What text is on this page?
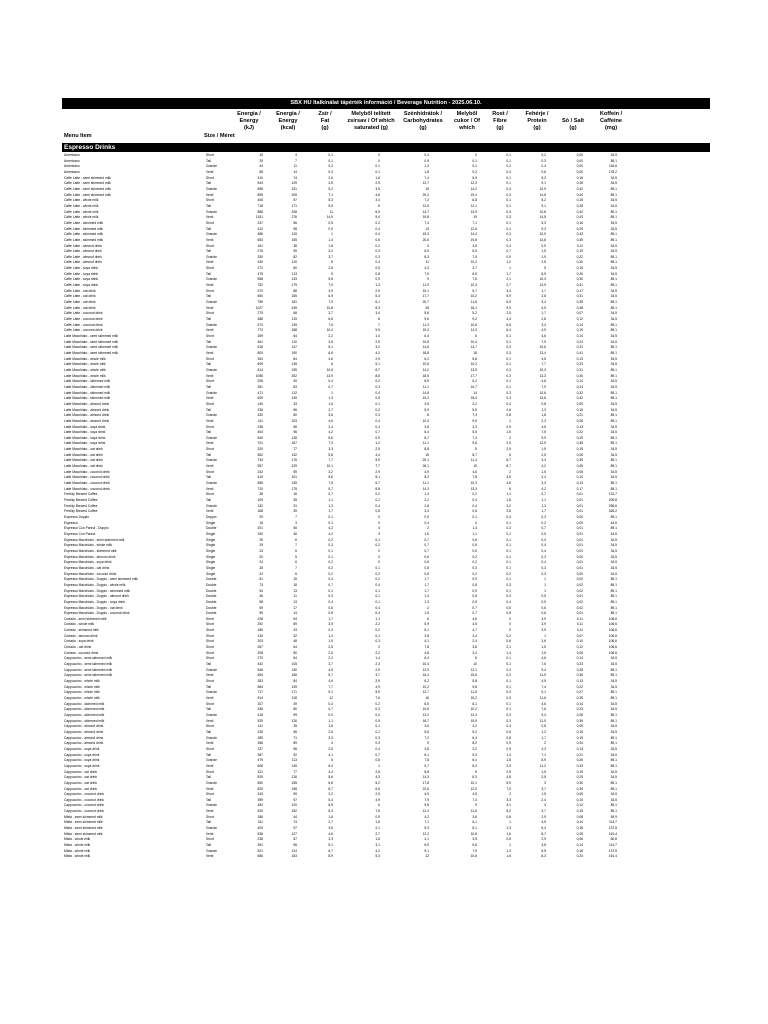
SBX HU Italkínálat tápérték információ / Beverage Nutrition - 2025.06.10.
Energia /
Energy
(kJ)
Energia /
Energy
(kcal)
Zsír /
Fat
(g)
Melyből telített
zsírsav / Of which
saturated (g)
Szénhidrátok /
Carbohydrates
(g)
Melyből
cukor / Of
which
Rost /
Fibre
(g)
Fehérje /
Protein
(g)
Só / Salt
(g)
Koffein /
Caffeine
(mg)
Menu Item	Size / Méret
Espresso Drinks
Americano	Short	15	4	0,1	0	0,4	0	0,1	0,2	0,00	34,5
Americano	Tall	29	7	0,1	0	0,9	0,1	0,1	0,3	0,00	89,1
Americano	Grande	44	11	0,2	0,1	1,3	0,1	0,2	0,4	0,00	116,6
Americano	Venti	58	14	0,3	0,1	1,8	0,2	0,3	0,6	0,00	178,2
Caffe Latte - semi skimmed milk	Short	310	74	2,6	1,6	7,4	6,9	0,1	5,3	0,16	34,5
Caffe Latte - semi skimmed milk	Tall	543	129	4,5	2,9	12,7	12,3	0,1	9,1	0,28	34,5
Caffe Latte - semi skimmed milk	Grande	698	151	5,2	3,5	15	14,2	0,3	10,9	0,42	89,1
Caffe Latte - semi skimmed milk	Venti	859	205	7,1	4,6	20,2	19,4	0,3	14,8	0,44	89,1
Caffe Latte - whole milk	Short	408	97	5,3	3,4	7,2	6,8	0,1	5,2	0,15	34,5
Caffe Latte - whole milk	Tall	718	171	9,5	6	12,5	12,1	0,1	9,1	0,28	34,5
Caffe Latte - whole milk	Grande	888	208	11	6,9	14,7	13,9	0,3	10,6	0,42	89,1
Caffe Latte - whole milk	Venti	1151	276	14,9	9,4	19,8	19	0,3	14,5	0,43	89,1
Caffe Latte - skimmed milk	Short	237	56	0,5	0,2	7,4	7,1	0,1	5,3	0,16	34,5
Caffe Latte - skimmed milk	Tall	412	98	0,9	0,4	13	12,6	0,1	9,3	0,29	34,5
Caffe Latte - skimmed milk	Grande	486	115	1	0,4	15,3	14,3	0,3	10,9	0,43	89,1
Caffe Latte - skimmed milk	Venti	653	155	1,4	0,6	20,6	19,8	0,3	14,8	0,45	89,1
Caffe Latte - almond drink	Short	161	38	1,8	0,2	3	3,8	0,4	0,9	0,11	34,5
Caffe Latte - almond drink	Tall	276	59	3,2	0,3	6,9	6,5	0,7	1,5	0,19	34,5
Caffe Latte - almond drink	Grande	330	82	3,7	0,3	8,3	7,5	0,9	1,9	0,22	89,1
Caffe Latte - almond drink	Venti	430	110	5	0,4	11	10,2	1,2	2,5	0,30	89,1
Caffe Latte - soya drink	Short	272	60	2,8	0,5	4,3	3,7	1	5	0,15	34,5
Caffe Latte - soya drink	Tall	475	113	5	0,8	7,5	6,5	1,7	8,9	0,26	34,5
Caffe Latte - soya drink	Grande	558	133	5,8	0,9	9	7,6	2,1	10,3	0,30	89,1
Caffe Latte - soya drink	Venti	752	179	7,9	1,3	11,9	10,3	2,7	13,9	0,41	89,1
Caffe Latte - oat drink	Short	370	88	3,9	2,9	10,1	5,7	3,4	1,7	0,17	34,5
Caffe Latte - oat drink	Tall	650	155	6,9	5,3	17,7	10,2	5,9	2,8	0,31	34,5
Caffe Latte - oat drink	Grande	759	181	7,9	6,1	20,7	11,8	6,9	3,4	0,35	89,1
Caffe Latte - oat drink	Venti	1027	245	10,8	8,3	28	16,1	9,3	4,5	0,48	89,1
Caffe Latte - coconut drink	Short	279	68	3,7	3,4	5,6	5,2	2,5	1,7	0,07	34,5
Caffe Latte - coconut drink	Tall	488	119	6,6	6	9,6	9,2	4,3	2,8	0,12	34,5
Caffe Latte - coconut drink	Grande	573	139	7,6	7	11,3	10,6	5,8	3,4	0,14	89,1
Caffe Latte - coconut drink	Venti	772	188	10,4	9,5	15,3	14,3	6,4	4,5	0,19	89,1
Latte Macchiato - semi skimmed milk	Short	269	64	2,2	1,4	6,4	6	0,1	4,6	0,14	34,5
Latte Macchiato - semi skimmed milk	Tall	461	110	3,8	2,5	10,8	10,4	0,1	7,9	0,24	34,5
Latte Macchiato - semi skimmed milk	Grande	616	147	5,1	3,2	14,6	13,7	0,3	10,6	0,31	89,1
Latte Macchiato - semi skimmed milk	Venti	800	190	6,6	4,2	18,8	18	0,3	13,4	0,41	89,1
Latte Macchiato - whole milk	Short	353	84	4,6	2,9	6,2	5,8	0,1	4,5	0,13	34,5
Latte Macchiato - whole milk	Tall	609	145	8	5,1	10,6	10,2	0,1	7,7	0,23	34,5
Latte Macchiato - whole milk	Grande	814	195	10,6	6,7	14,2	13,5	0,3	10,3	0,31	89,1
Latte Macchiato - whole milk	Venti	1056	252	13,9	8,8	18,5	17,7	0,3	13,3	0,40	89,1
Latte Macchiato - skimmed milk	Short	206	49	0,4	0,2	6,5	6,2	0,1	4,6	0,14	34,5
Latte Macchiato - skimmed milk	Tall	351	83	0,7	0,3	11,1	10,7	0,1	7,9	0,24	34,5
Latte Macchiato - skimmed milk	Grande	471	112	1	0,4	14,8	14	0,3	10,6	0,32	89,1
Latte Macchiato - skimmed milk	Venti	609	145	1,3	0,5	19,2	18,4	0,3	13,8	0,42	89,1
Latte Macchiato - almond drink	Short	140	33	1,6	0,1	3,5	3,2	0,4	0,8	0,09	34,5
Latte Macchiato - almond drink	Tall	236	56	2,7	0,2	5,9	5,5	0,6	1,3	0,16	34,5
Latte Macchiato - almond drink	Grande	320	80	3,6	0,3	8	7,3	0,8	1,8	0,21	89,1
Latte Macchiato - almond drink	Venti	411	103	4,6	0,4	10,3	9,5	1	2,3	0,28	89,1
Latte Macchiato - soya drink	Short	236	56	2,4	0,4	3,8	3,3	0,9	4,5	0,13	34,5
Latte Macchiato - soya drink	Tall	404	96	4,2	0,7	6,4	5,5	1,5	7,5	0,22	34,5
Latte Macchiato - soya drink	Grande	540	128	5,6	0,9	8,7	7,3	2	9,9	0,29	89,1
Latte Macchiato - soya drink	Venti	701	167	7,3	1,2	11,1	9,6	2,5	12,9	0,38	89,1
Latte Macchiato - oat drink	Short	320	77	3,3	2,5	8,8	5	2,9	1,5	0,15	34,5
Latte Macchiato - oat drink	Tall	552	132	5,8	4,4	15	8,7	5	2,5	0,26	34,5
Latte Macchiato - oat drink	Grande	734	176	7,7	5,9	20,1	11,4	6,7	3,3	0,35	89,1
Latte Macchiato - oat drink	Venti	957	229	10,1	7,7	26,1	15	8,7	4,2	0,45	89,1
Latte Macchiato - coconut drink	Short	242	59	3,2	2,9	4,9	4,6	2	1,5	0,06	34,5
Latte Macchiato - coconut drink	Tall	415	101	5,6	5,1	8,2	7,8	3,5	2,4	0,10	34,5
Latte Macchiato - coconut drink	Grande	555	135	7,5	6,7	11,1	10,3	4,6	3,3	0,13	89,1
Latte Macchiato - coconut drink	Venti	720	175	9,7	8,8	14,3	13,3	6	4,2	0,17	89,1
Freshly Brewed Coffee	Short	38	16	0,7	0,2	1,4	0,2	1,1	0,7	0,01	131,7
Freshly Brewed Coffee	Tall	109	35	1,1	0,2	2,2	0,4	1,8	1,1	0,01	209,8
Freshly Brewed Coffee	Grande	132	31	1,3	0,4	2,6	0,4	2,2	1,3	0,01	256,6
Freshly Brewed Coffee	Venti	168	39	1,7	0,6	3,4	0,6	2,8	1,7	0,01	326,2
Espresso Doppio	Doppio	29	7	0,1	0	0,9	0,1	0,3	0,3	0,00	89,1
Espresso	Single	15	3	0,1	0	0,4	0	0,1	0,2	0,00	44,5
Espresso Con Panna - Doppio	Double	201	50	4,2	3	2	1,3	0,3	0,7	0,01	89,1
Espresso Con Panna	Single	190	46	4,2	3	1,6	1,1	0,1	0,5	0,01	44,5
Espresso Macchiato - semi skimmed milk	Single	25	6	0,2	0,1	0,7	0,6	0,1	0,4	0,01	34,5
Espresso Macchiato - whole milk	Single	29	7	0,3	0,2	0,7	0,6	0,1	0,4	0,01	34,5
Espresso Macchiato - skimmed milk	Single	23	6	0,1	0	0,7	0,6	0,1	0,4	0,01	34,5
Espresso Macchiato - almond drink	Single	20	5	0,1	0	0,6	0,2	0,1	0,3	0,00	34,5
Espresso Macchiato - soya drink	Single	24	6	0,2	0	0,6	0,2	0,1	0,4	0,01	34,5
Espresso Macchiato - oat drink	Single	28	7	0,2	0,1	0,8	0,3	0,1	0,3	0,01	34,5
Espresso Macchiato - coconut drink	Single	24	6	0,2	0,2	0,6	0,2	0,2	0,3	0,00	34,5
Espresso Macchiato - Doppio - semi skimmed milk	Double	61	15	0,4	0,2	1,7	0,9	0,1	1	0,02	89,1
Espresso Macchiato - Doppio - whole milk	Double	73	18	0,7	0,4	1,7	0,8	0,3	1	0,02	89,1
Espresso Macchiato - Doppio - skimmed milk	Double	54	13	0,1	0,1	1,7	0,9	0,1	1	0,02	89,1
Espresso Macchiato - Doppio - almond drink	Double	46	11	0,3	0,1	1,3	0,5	0,3	0,5	0,01	89,1
Espresso Macchiato - Doppio - soya drink	Double	58	13	0,4	0,1	1,3	0,5	0,4	0,9	0,02	89,1
Espresso Macchiato - Doppio - oat drink	Double	69	17	0,6	0,4	2	0,7	0,6	0,6	0,02	89,1
Espresso Macchiato - Doppio - coconut drink	Double	59	14	0,5	0,4	1,5	0,7	0,5	0,6	0,01	89,1
Cortado - semi skimmed milk	Short	228	54	1,7	1,1	6	4,6	0	3,9	0,11	106,6
Cortado - whole milk	Short	292	69	3,5	2,2	5,9	4,5	0	3,9	0,11	106,6
Cortado - skimmed milk	Short	180	43	0,3	0,2	6,1	4,7	0	3,9	0,11	106,6
Cortado - almond drink	Short	130	32	1,2	0,1	3,8	2,4	0,2	1	0,07	106,6
Cortado - soya drink	Short	203	48	1,9	0,3	4,1	2,4	0,6	3,6	0,10	106,6
Cortado - oat drink	Short	267	64	2,5	2	7,8	3,8	2,1	1,5	0,12	106,6
Cortado - coconut drink	Short	208	50	2,5	2,2	4,8	3,4	1,4	1,5	0,05	106,6
Cappuccino - semi skimmed milk	Short	270	64	2,2	1,4	6,4	6	0,1	4,6	0,14	34,5
Cappuccino - semi skimmed milk	Tall	442	105	3,7	2,3	10,4	10	0,1	7,6	0,23	34,5
Cappuccino - semi skimmed milk	Grande	546	130	4,5	2,9	12,9	12,1	0,3	9,4	0,28	89,1
Cappuccino - semi skimmed milk	Venti	694	165	5,7	3,7	16,4	15,6	0,3	11,9	0,36	89,1
Cappuccino - whole milk	Short	353	84	4,6	2,9	6,2	5,8	0,1	4,5	0,13	34,5
Cappuccino - whole milk	Tall	584	139	7,7	4,9	10,2	9,8	0,1	7,4	0,22	34,5
Cappuccino - whole milk	Grande	717	171	9,1	5,9	12,7	11,8	0,3	9,1	0,27	89,1
Cappuccino - whole milk	Venti	914	218	12	7,6	16	15,2	0,3	11,6	0,35	89,1
Cappuccino - skimmed milk	Short	207	49	0,4	0,2	6,5	6,1	0,1	4,6	0,14	34,5
Cappuccino - skimmed milk	Tall	336	80	0,7	0,3	10,6	10,2	0,1	7,6	0,23	34,5
Cappuccino - skimmed milk	Grande	418	99	0,9	0,4	13,2	12,4	0,3	9,4	0,28	89,1
Cappuccino - skimmed milk	Venti	529	126	1,1	0,5	16,7	15,9	0,3	11,9	0,36	89,1
Cappuccino - almond drink	Short	141	35	1,6	0,1	3,6	3,2	0,4	0,8	0,09	34,5
Cappuccino - almond drink	Tall	226	56	2,6	0,2	5,6	5,2	0,6	1,2	0,15	34,5
Cappuccino - almond drink	Grande	285	71	3,3	0,3	7,2	6,4	0,8	1,7	0,19	89,1
Cappuccino - almond drink	Venti	358	89	4	0,3	9	8,2	0,9	2	0,24	89,1
Cappuccino - soya drink	Short	237	56	2,5	0,4	3,8	3,2	0,9	4,3	0,13	34,5
Cappuccino - soya drink	Tall	387	92	4,1	0,7	6,1	5,3	1,4	7,1	0,21	34,5
Cappuccino - soya drink	Grande	479	113	5	0,8	7,8	6,4	1,8	8,9	0,26	89,1
Cappuccino - soya drink	Venti	608	145	6,4	1	9,7	8,3	2,3	11,2	0,33	89,1
Cappuccino - oat drink	Short	321	77	3,4	2,5	8,8	5	2,9	1,5	0,15	34,5
Cappuccino - oat drink	Tall	529	126	5,6	4,3	14,3	8,3	4,8	2,5	0,25	34,5
Cappuccino - oat drink	Grande	650	155	6,8	5,2	17,8	10,1	5,9	3	0,30	89,1
Cappuccino - oat drink	Venti	829	198	8,7	6,6	22,6	12,9	7,5	3,7	0,39	89,1
Cappuccino - coconut drink	Short	243	59	3,2	2,9	4,9	4,5	2	1,5	0,06	34,5
Cappuccino - coconut drink	Tall	399	97	5,4	4,9	7,9	7,4	3,3	2,4	0,10	34,5
Cappuccino - coconut drink	Grande	492	120	6,5	6	9,8	9	4,1	3	0,12	89,1
Cappuccino - coconut drink	Venti	625	152	8,3	7,6	12,4	11,6	5,2	3,7	0,15	89,1
Mista - semi skimmed milk	Short	186	44	1,6	0,9	4,2	3,6	0,6	2,9	0,08	59,9
Mista - semi skimmed milk	Tall	311	74	2,7	1,6	7,1	6,1	1	4,9	0,14	114,7
Mista - semi skimmed milk	Grande	409	97	3,6	2,1	9,3	8,1	1,3	6,4	0,18	137,5
Mista - semi skimmed milk	Venti	536	127	4,6	2,7	12,2	10,8	1,6	8,7	0,25	161,4
Mista - whole milk	Short	238	57	3,3	1,8	4,1	3,5	0,6	2,9	0,08	60,8
Mista - whole milk	Tall	391	96	5,1	3,1	6,9	5,8	1	4,8	0,14	114,7
Mista - whole milk	Grande	521	124	6,7	4,2	9,1	7,9	1,3	6,5	0,18	137,5
Mista - whole milk	Venti	686	163	8,9	5,3	12	10,6	1,6	8,3	0,23	161,4
